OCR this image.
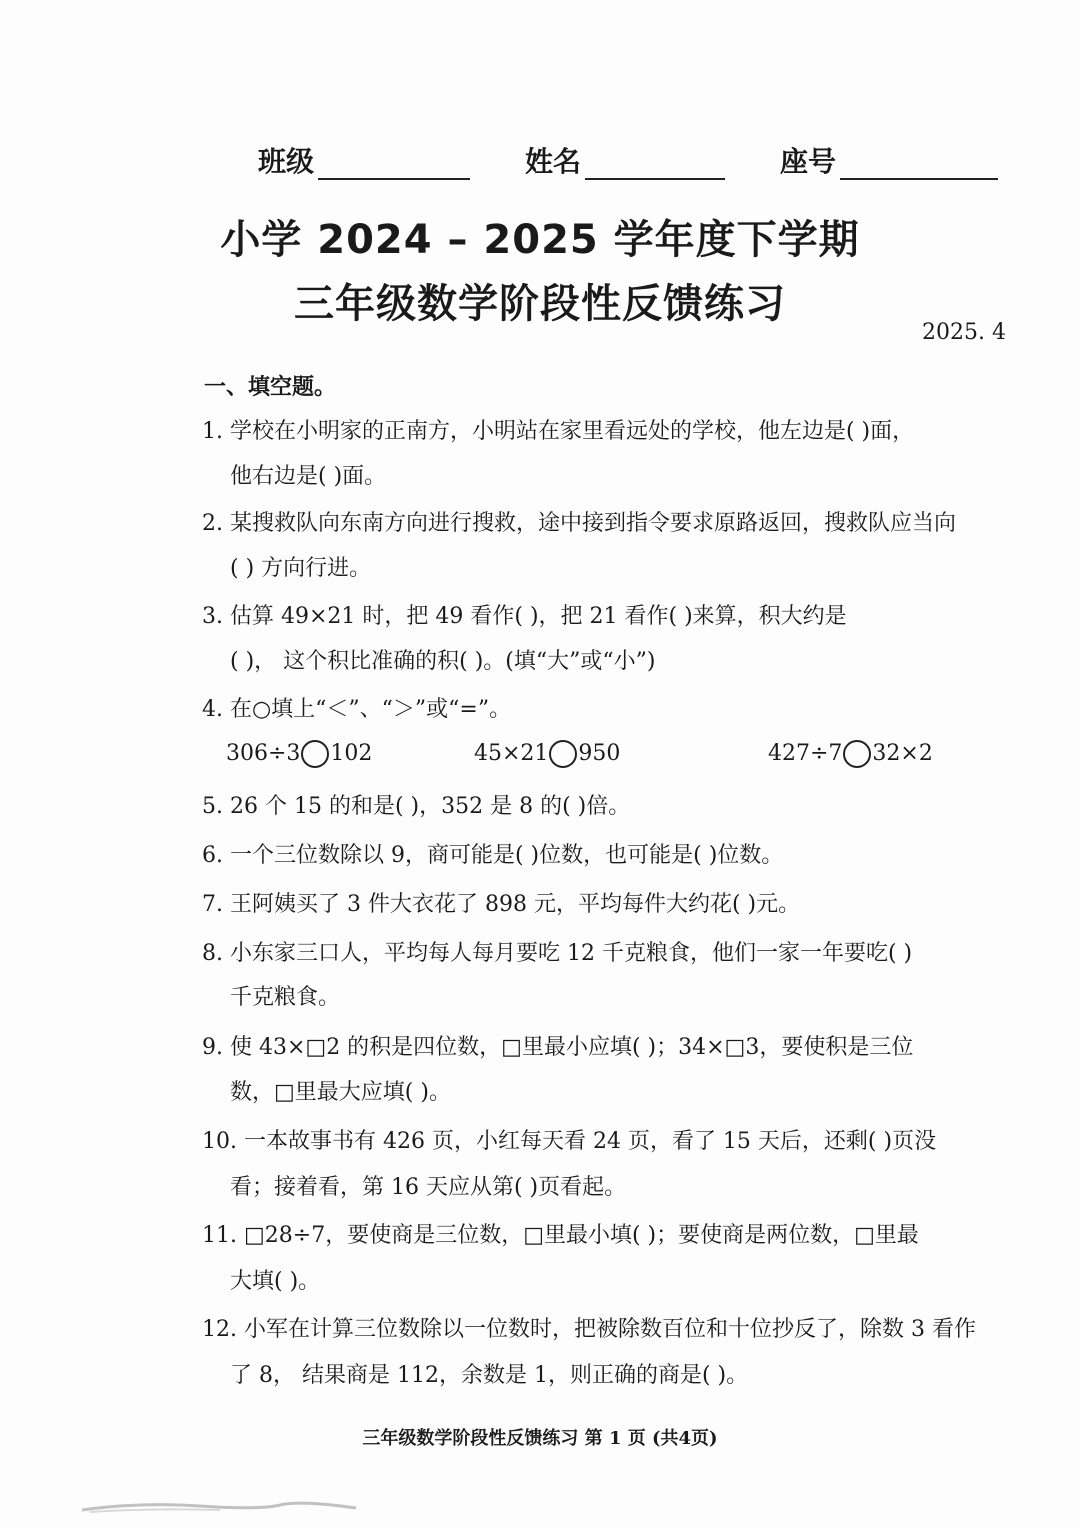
班级	姓名	座号
小学 2024 – 2025 学年度下学期
三年级数学阶段性反馈练习
2025. 4
一、填空题。
1. 学校在小明家的正南方，小明站在家里看远处的学校，他左边是( )面，
他右边是( )面。
2. 某搜救队向东南方向进行搜救，途中接到指令要求原路返回，搜救队应当向
( ) 方向行进。
3. 估算 49×21 时，把 49 看作( )，把 21 看作( )来算，积大约是
( )， 这个积比准确的积( )。(填“大”或“小”)
4. 在○填上“＜”、“＞”或“=”。
306÷3 102	45×21 950	427÷7 32×2
5. 26 个 15 的和是( )，352 是 8 的( )倍。
6. 一个三位数除以 9，商可能是( )位数，也可能是( )位数。
7. 王阿姨买了 3 件大衣花了 898 元，平均每件大约花( )元。
8. 小东家三口人，平均每人每月要吃 12 千克粮食，他们一家一年要吃( )
千克粮食。
9. 使 43×□2 的积是四位数，□里最小应填( )；34×□3，要使积是三位
数，□里最大应填( )。
10. 一本故事书有 426 页，小红每天看 24 页，看了 15 天后，还剩( )页没
看；接着看，第 16 天应从第( )页看起。
11. □28÷7，要使商是三位数，□里最小填( )；要使商是两位数，□里最
大填( )。
12. 小军在计算三位数除以一位数时，把被除数百位和十位抄反了，除数 3 看作
了 8， 结果商是 112，余数是 1，则正确的商是( )。
三年级数学阶段性反馈练习 第 1 页 (共4页)
